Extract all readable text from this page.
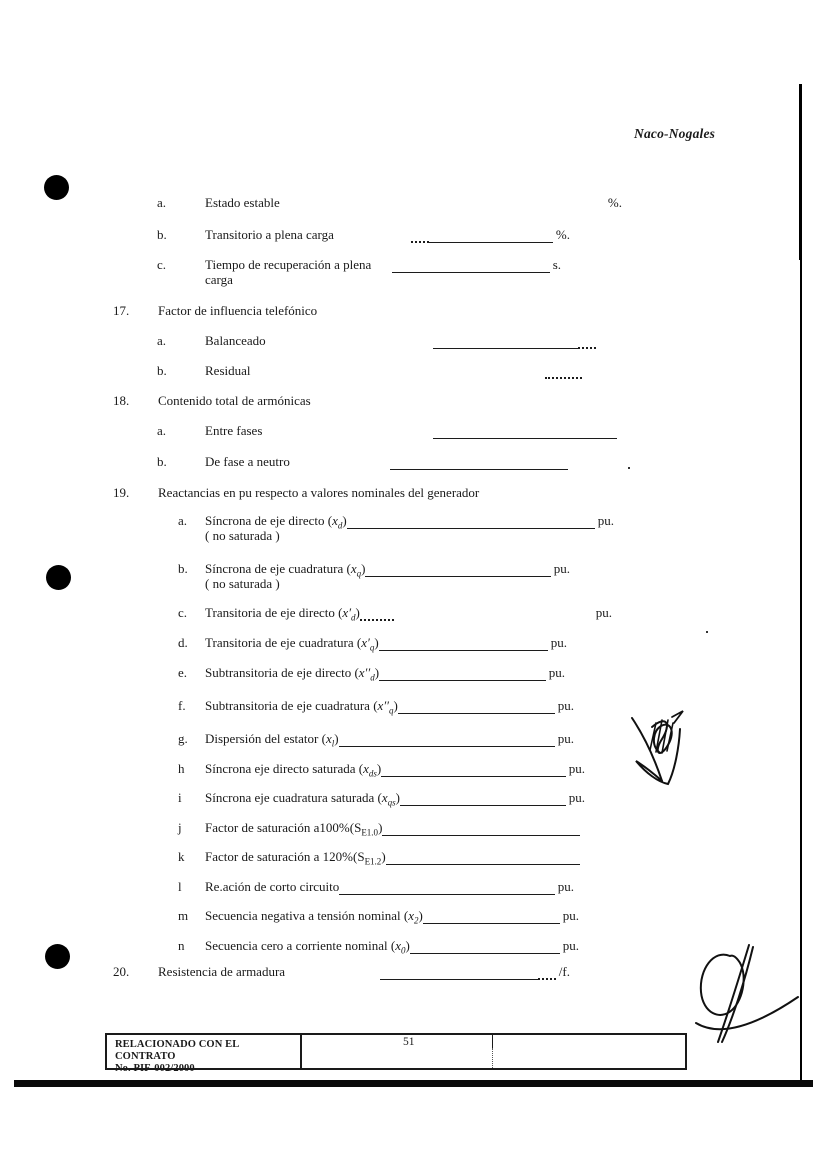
Naco-Nogales
a.	Estado estable	%.
b.	Transitorio a plena carga	%.
c.	Tiempo de recuperación a plena	s.
carga
17. Factor de influencia telefónico
a.	Balanceado
b.	Residual
18. Contenido total de armónicas
a.	Entre fases
b.	De fase a neutro
19. Reactancias en pu respecto a valores nominales del generador
a. Síncrona de eje directo $(x_d)$	pu.
( no saturada )
b. Síncrona de eje cuadratura $(x_q)$	pu.
( no saturada )
c. Transitoria de eje directo $(x'_d)$	pu.
d. Transitoria de eje cuadratura $(x'_q)$	pu.
e. Subtransitoria de eje directo $(x''_d)$	pu.
f. Subtransitoria de eje cuadratura $(x''_q)$	pu.
g. Dispersión del estator $(x_l)$	pu.
h Síncrona eje directo saturada $(x_{ds})$	pu.
i Síncrona eje cuadratura saturada $(x_{qs})$	pu.
j Factor de saturación $a100\%(S_{E1.0})$
k Factor de saturación a $120\%(S_{E1.2})$
l Re.ación de corto circuito	pu.
m Secuencia negativa a tensión nominal $(x_2)$	pu.
n Secuencia cero a corriente nominal $(x_0)$	pu.
20. Resistencia de armadura	/f.
RELACIONADO CON EL CONTRATO
No. PIF-002/2000
51
